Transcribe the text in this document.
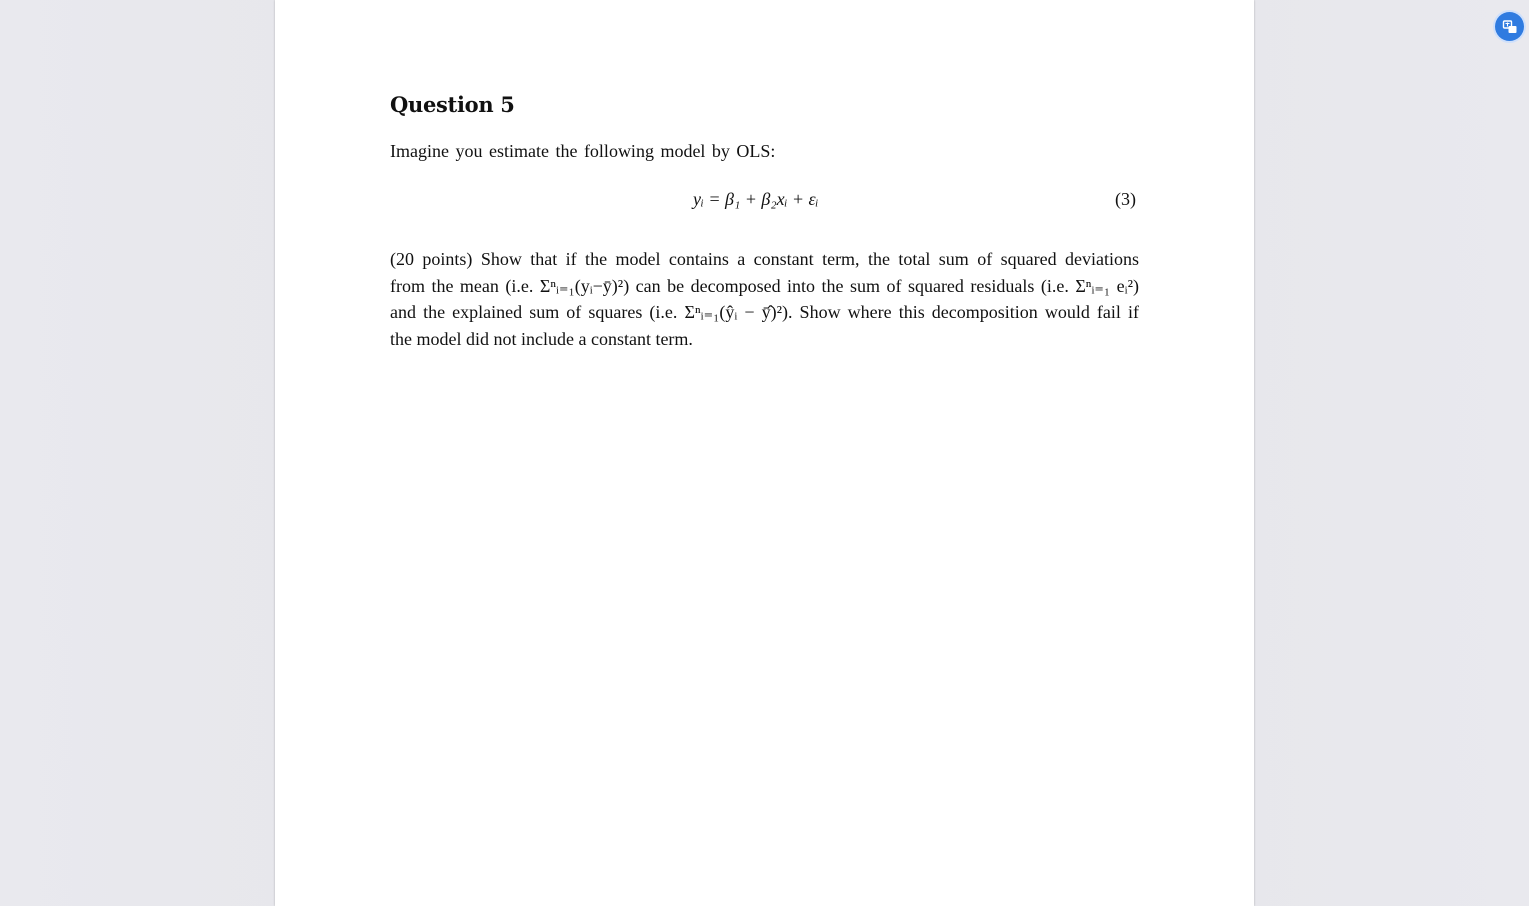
Question 5
Imagine you estimate the following model by OLS:
yᵢ = β₁ + β₂xᵢ + εᵢ	(3)
(20 points) Show that if the model contains a constant term, the total sum of squared deviations
from the mean (i.e. Σⁿᵢ₌₁(yᵢ−ȳ)²) can be decomposed into the sum of squared residuals (i.e. Σⁿᵢ₌₁ eᵢ²)
and the explained sum of squares (i.e. Σⁿᵢ₌₁(ŷᵢ − ȳ̂)²). Show where this decomposition would fail if
the model did not include a constant term.
